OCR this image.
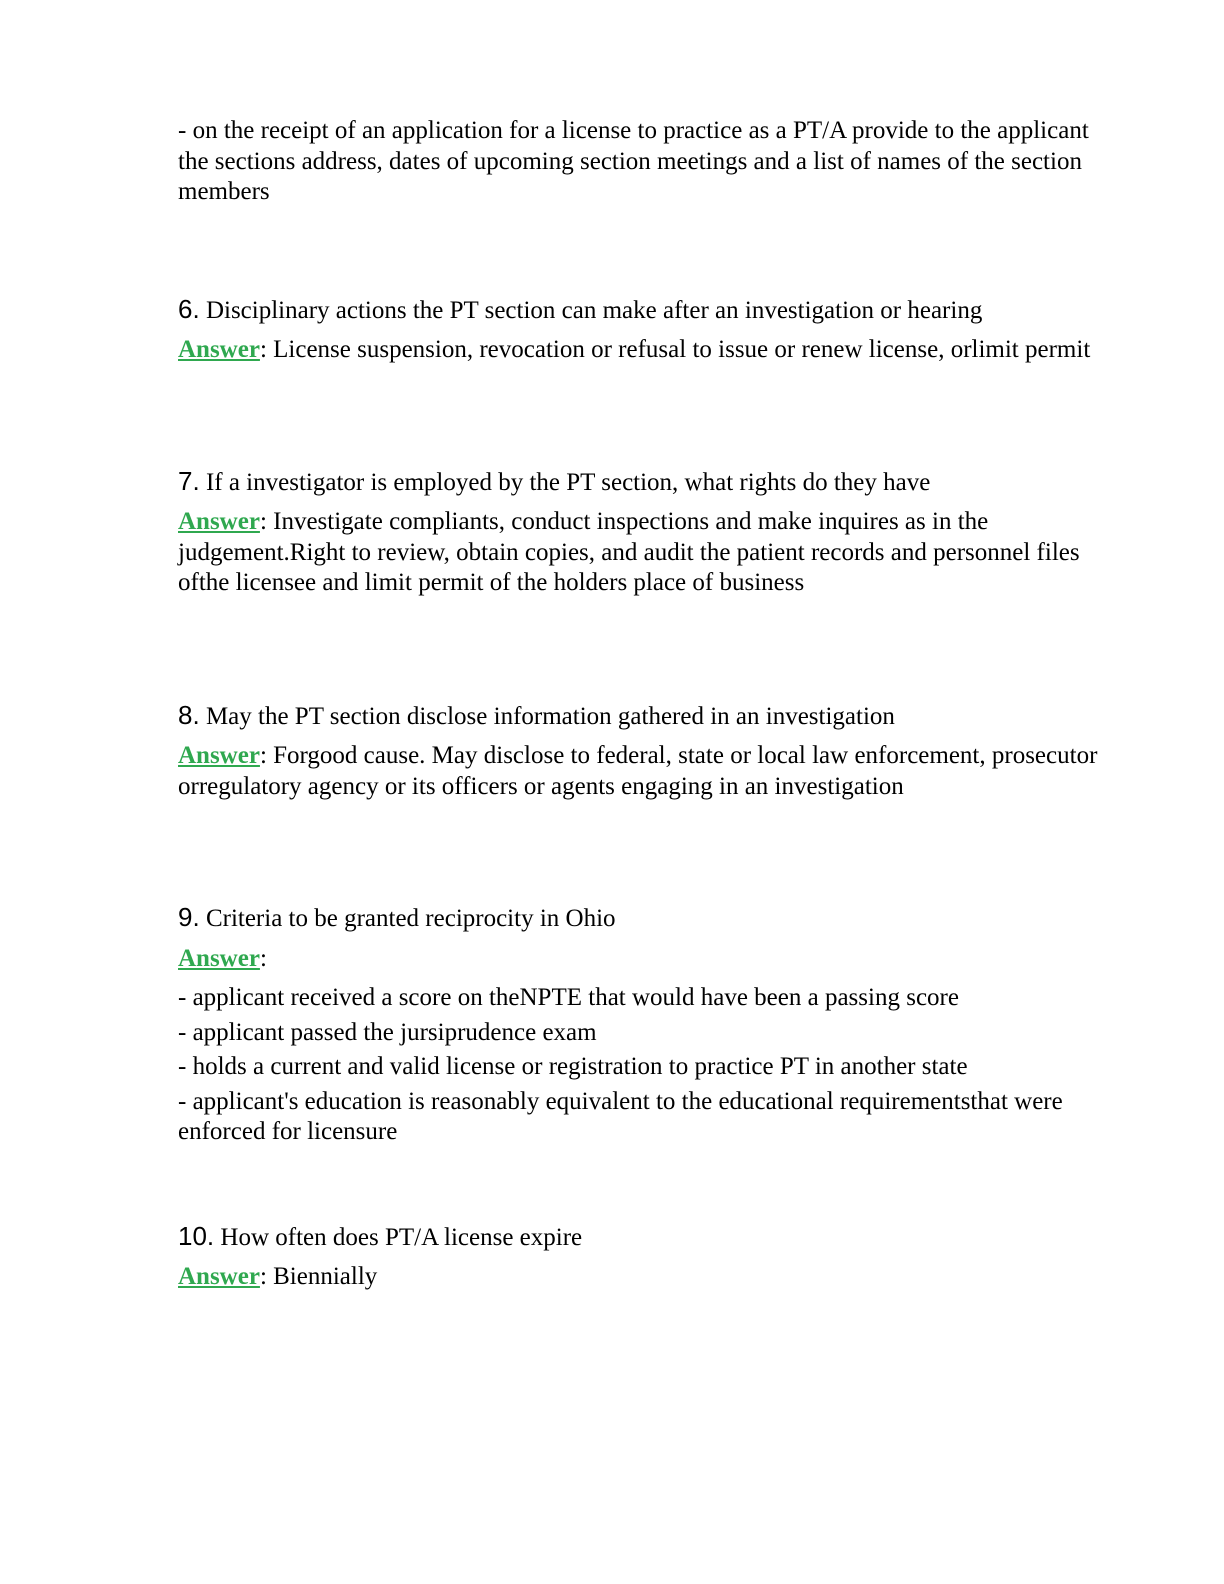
- on the receipt of an application for a license to practice as a PT/A provide to the applicant the sections address, dates of upcoming section meetings and a list of names of the section members

6. Disciplinary actions the PT section can make after an investigation or hearing

Answer: License suspension, revocation or refusal to issue or renew license, orlimit permit

7. If a investigator is employed by the PT section, what rights do they have

Answer: Investigate compliants, conduct inspections and make inquires as in the judgement.Right to review, obtain copies, and audit the patient records and personnel files ofthe licensee and limit permit of the holders place of business

8. May the PT section disclose information gathered in an investigation

Answer: Forgood cause. May disclose to federal, state or local law enforcement, prosecutor orregulatory agency or its officers or agents engaging in an investigation

9. Criteria to be granted reciprocity in Ohio

Answer:

- applicant received a score on theNPTE that would have been a passing score

- applicant passed the jursiprudence exam

- holds a current and valid license or registration to practice PT in another state

- applicant's education is reasonably equivalent to the educational requirementsthat were enforced for licensure

10. How often does PT/A license expire

Answer: Biennially
